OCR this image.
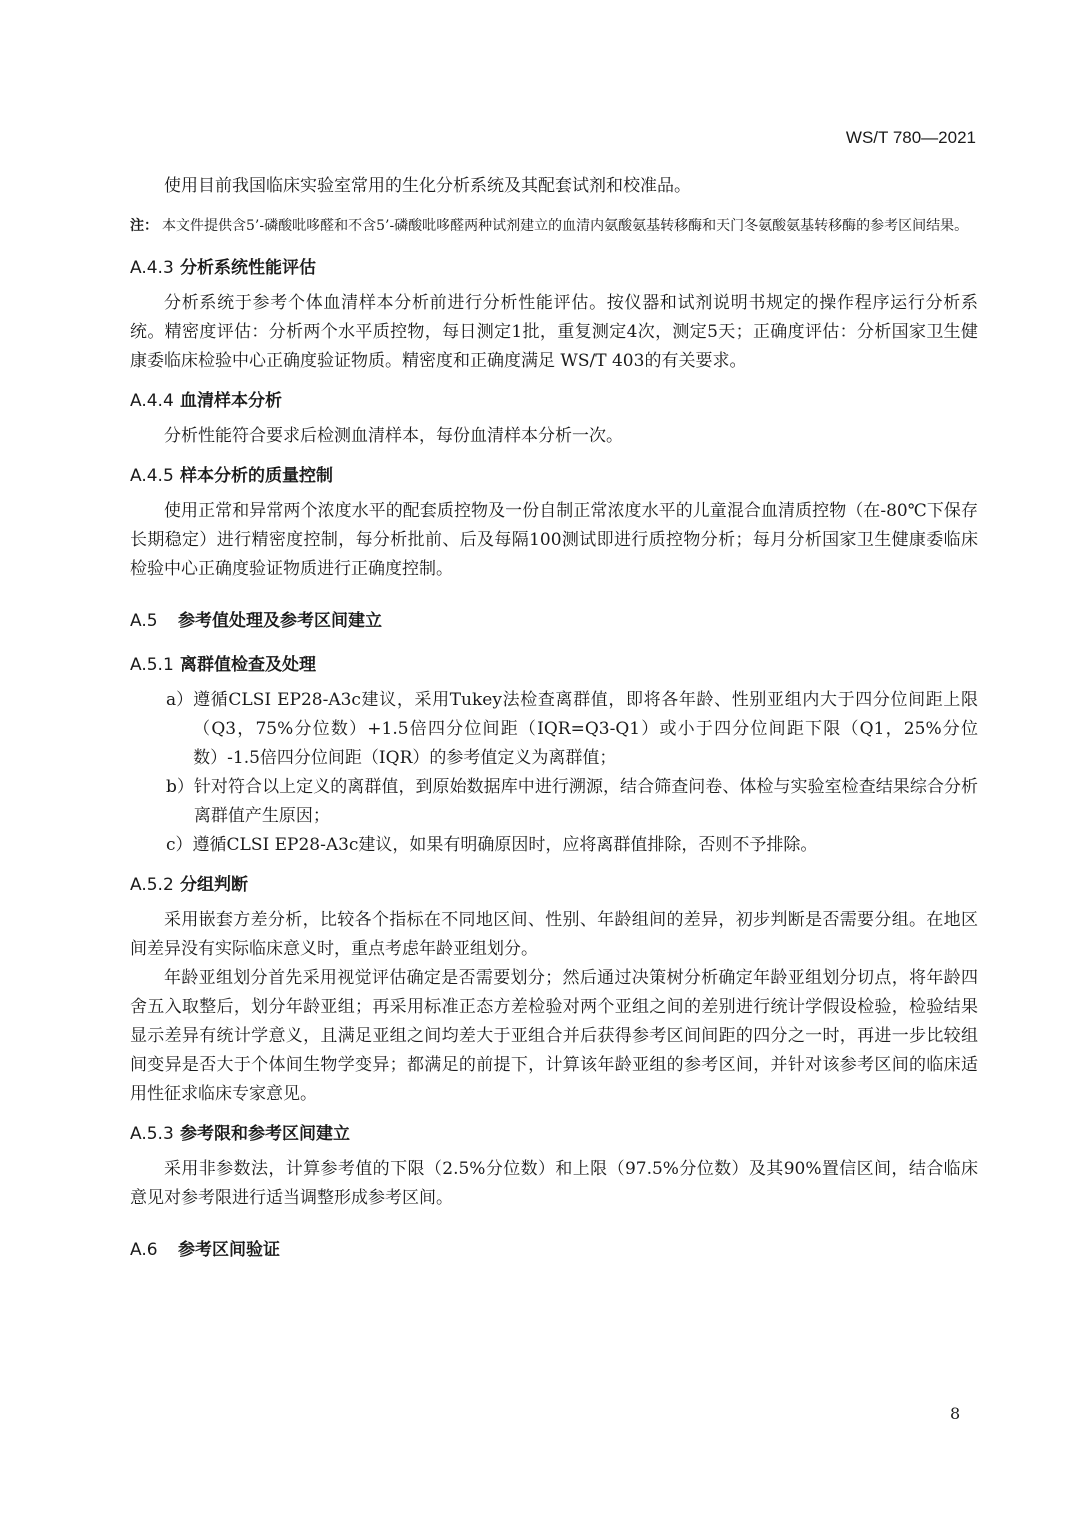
WS/T 780—2021

使用目前我国临床实验室常用的生化分析系统及其配套试剂和校准品。

注： 本文件提供含5’-磷酸吡哆醛和不含5’-磷酸吡哆醛两种试剂建立的血清内氨酸氨基转移酶和天门冬氨酸氨基转移酶的参考区间结果。
A.4.3 分析系统性能评估

分析系统于参考个体血清样本分析前进行分析性能评估。按仪器和试剂说明书规定的操作程序运行分析系统。精密度评估：分析两个水平质控物，每日测定1批，重复测定4次，测定5天；正确度评估：分析国家卫生健康委临床检验中心正确度验证物质。精密度和正确度满足 WS/T 403的有关要求。

A.4.4 血清样本分析

分析性能符合要求后检测血清样本，每份血清样本分析一次。

A.4.5 样本分析的质量控制

使用正常和异常两个浓度水平的配套质控物及一份自制正常浓度水平的儿童混合血清质控物（在-80℃下保存长期稳定）进行精密度控制，每分析批前、后及每隔100测试即进行质控物分析；每月分析国家卫生健康委临床检验中心正确度验证物质进行正确度控制。

A.5 参考值处理及参考区间建立
A.5.1 离群值检查及处理
a） 遵循CLSI EP28-A3c建议，采用Tukey法检查离群值，即将各年龄、性别亚组内大于四分位间距上限（Q3，75%分位数）+1.5倍四分位间距（IQR=Q3-Q1）或小于四分位间距下限（Q1，25%分位数）-1.5倍四分位间距（IQR）的参考值定义为离群值；
b） 针对符合以上定义的离群值，到原始数据库中进行溯源，结合筛查问卷、体检与实验室检查结果综合分析离群值产生原因；
c） 遵循CLSI EP28-A3c建议，如果有明确原因时，应将离群值排除，否则不予排除。
A.5.2 分组判断

采用嵌套方差分析，比较各个指标在不同地区间、性别、年龄组间的差异，初步判断是否需要分组。在地区间差异没有实际临床意义时，重点考虑年龄亚组划分。

年龄亚组划分首先采用视觉评估确定是否需要划分；然后通过决策树分析确定年龄亚组划分切点，将年龄四舍五入取整后，划分年龄亚组；再采用标准正态方差检验对两个亚组之间的差别进行统计学假设检验，检验结果显示差异有统计学意义，且满足亚组之间均差大于亚组合并后获得参考区间间距的四分之一时，再进一步比较组间变异是否大于个体间生物学变异；都满足的前提下，计算该年龄亚组的参考区间，并针对该参考区间的临床适用性征求临床专家意见。

A.5.3 参考限和参考区间建立

采用非参数法，计算参考值的下限（2.5%分位数）和上限（97.5%分位数）及其90%置信区间，结合临床意见对参考限进行适当调整形成参考区间。

A.6 参考区间验证
8
